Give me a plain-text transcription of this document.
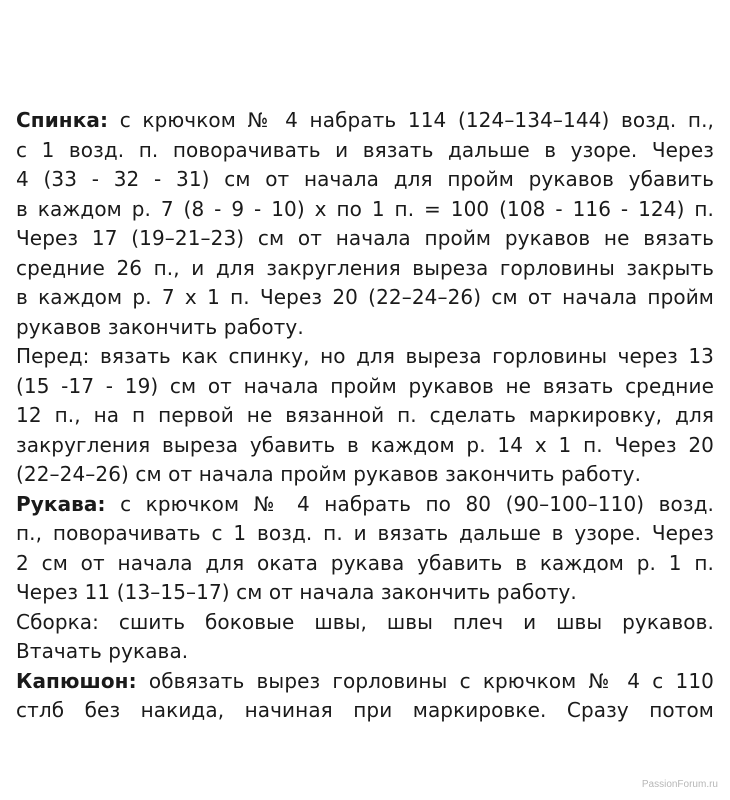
Спинка: с крючком № 4 набрать 114 (124–134–144) возд. п.,
с 1 возд. п. поворачивать и вязать дальше в узоре. Через
4 (33 - 32 - 31) см от начала для пройм рукавов убавить
в каждом р. 7 (8 - 9 - 10) х по 1 п. = 100 (108 - 116 - 124) п.
Через 17 (19–21–23) см от начала пройм рукавов не вязать
средние 26 п., и для закругления выреза горловины закрыть
в каждом р. 7 х 1 п. Через 20 (22–24–26) см от начала пройм
рукавов закончить работу.

Перед: вязать как спинку, но для выреза горловины через 13
(15 -17 - 19) см от начала пройм рукавов не вязать средние
12 п., на п первой не вязанной п. сделать маркировку, для
закругления выреза убавить в каждом р. 14 х 1 п. Через 20
(22–24–26) см от начала пройм рукавов закончить работу.

Рукава: с крючком № 4 набрать по 80 (90–100–110) возд.
п., поворачивать с 1 возд. п. и вязать дальше в узоре. Через
2 см от начала для оката рукава убавить в каждом р. 1 п.
Через 11 (13–15–17) см от начала закончить работу.

Сборка: сшить боковые швы, швы плеч и швы рукавов.
Втачать рукава.

Капюшон: обвязать вырез горловины с крючком № 4 с 110
стлб без накида, начиная при маркировке. Сразу потом

PassionForum.ru
